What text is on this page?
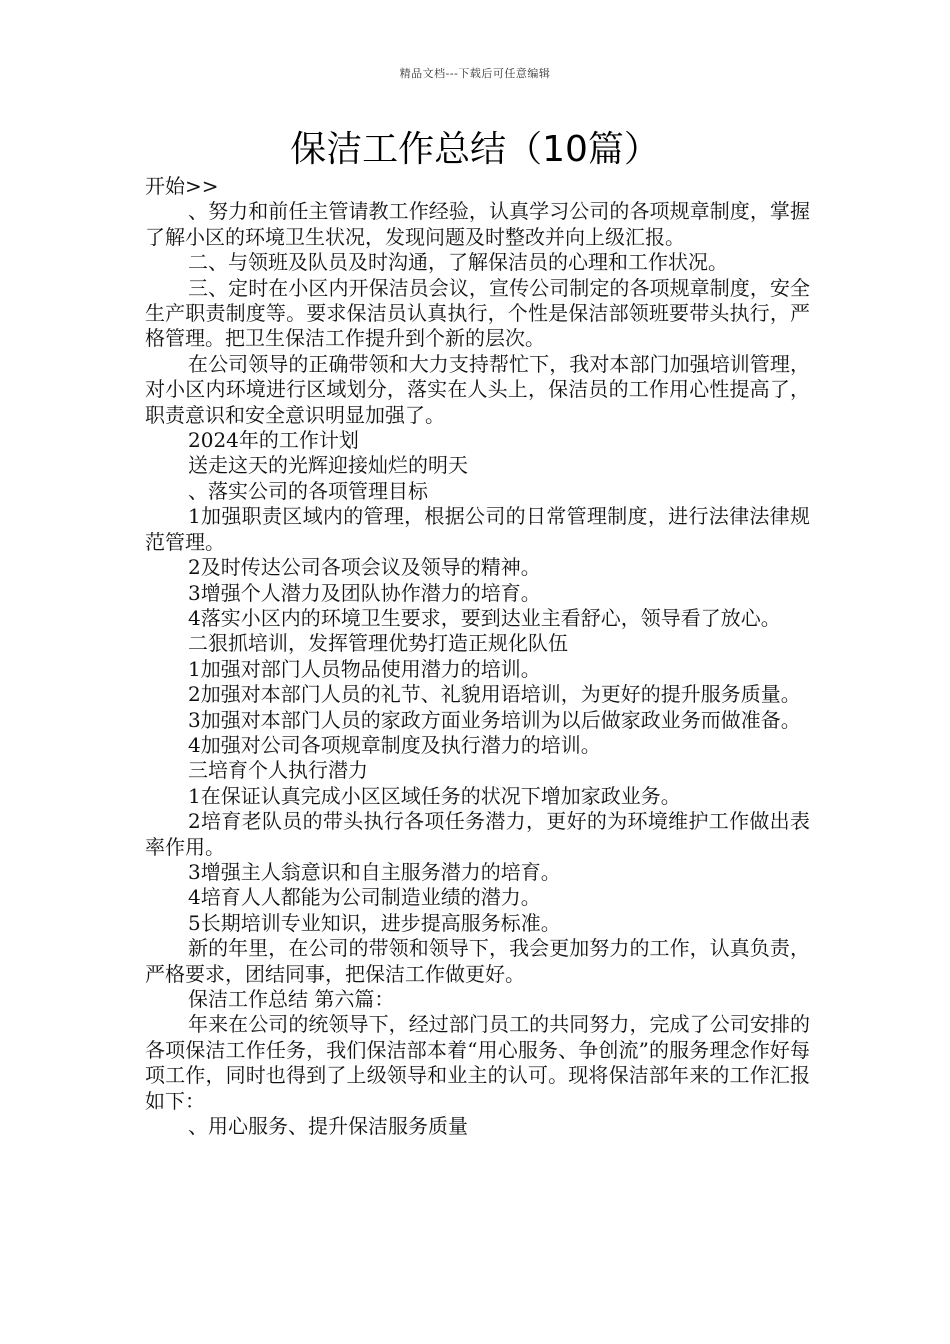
精品文档---下载后可任意编辑
保洁工作总结（10篇）

开始>>

、努力和前任主管请教工作经验，认真学习公司的各项规章制度，掌握了解小区的环境卫生状况，发现问题及时整改并向上级汇报。

二、与领班及队员及时沟通，了解保洁员的心理和工作状况。

三、定时在小区内开保洁员会议，宣传公司制定的各项规章制度，安全生产职责制度等。要求保洁员认真执行，个性是保洁部领班要带头执行，严格管理。把卫生保洁工作提升到个新的层次。

在公司领导的正确带领和大力支持帮忙下，我对本部门加强培训管理，对小区内环境进行区域划分，落实在人头上，保洁员的工作用心性提高了，职责意识和安全意识明显加强了。

2024年的工作计划

送走这天的光辉迎接灿烂的明天

、落实公司的各项管理目标

1加强职责区域内的管理，根据公司的日常管理制度，进行法律法律规范管理。

2及时传达公司各项会议及领导的精神。

3增强个人潜力及团队协作潜力的培育。

4落实小区内的环境卫生要求，要到达业主看舒心，领导看了放心。

二狠抓培训，发挥管理优势打造正规化队伍

1加强对部门人员物品使用潜力的培训。

2加强对本部门人员的礼节、礼貌用语培训，为更好的提升服务质量。

3加强对本部门人员的家政方面业务培训为以后做家政业务而做准备。

4加强对公司各项规章制度及执行潜力的培训。

三培育个人执行潜力

1在保证认真完成小区区域任务的状况下增加家政业务。

2培育老队员的带头执行各项任务潜力，更好的为环境维护工作做出表率作用。

3增强主人翁意识和自主服务潜力的培育。

4培育人人都能为公司制造业绩的潜力。

5长期培训专业知识，进步提高服务标准。

新的年里，在公司的带领和领导下，我会更加努力的工作，认真负责，严格要求，团结同事，把保洁工作做更好。

保洁工作总结 第六篇：

年来在公司的统领导下，经过部门员工的共同努力，完成了公司安排的各项保洁工作任务，我们保洁部本着“用心服务、争创流”的服务理念作好每项工作，同时也得到了上级领导和业主的认可。现将保洁部年来的工作汇报如下：

、用心服务、提升保洁服务质量
